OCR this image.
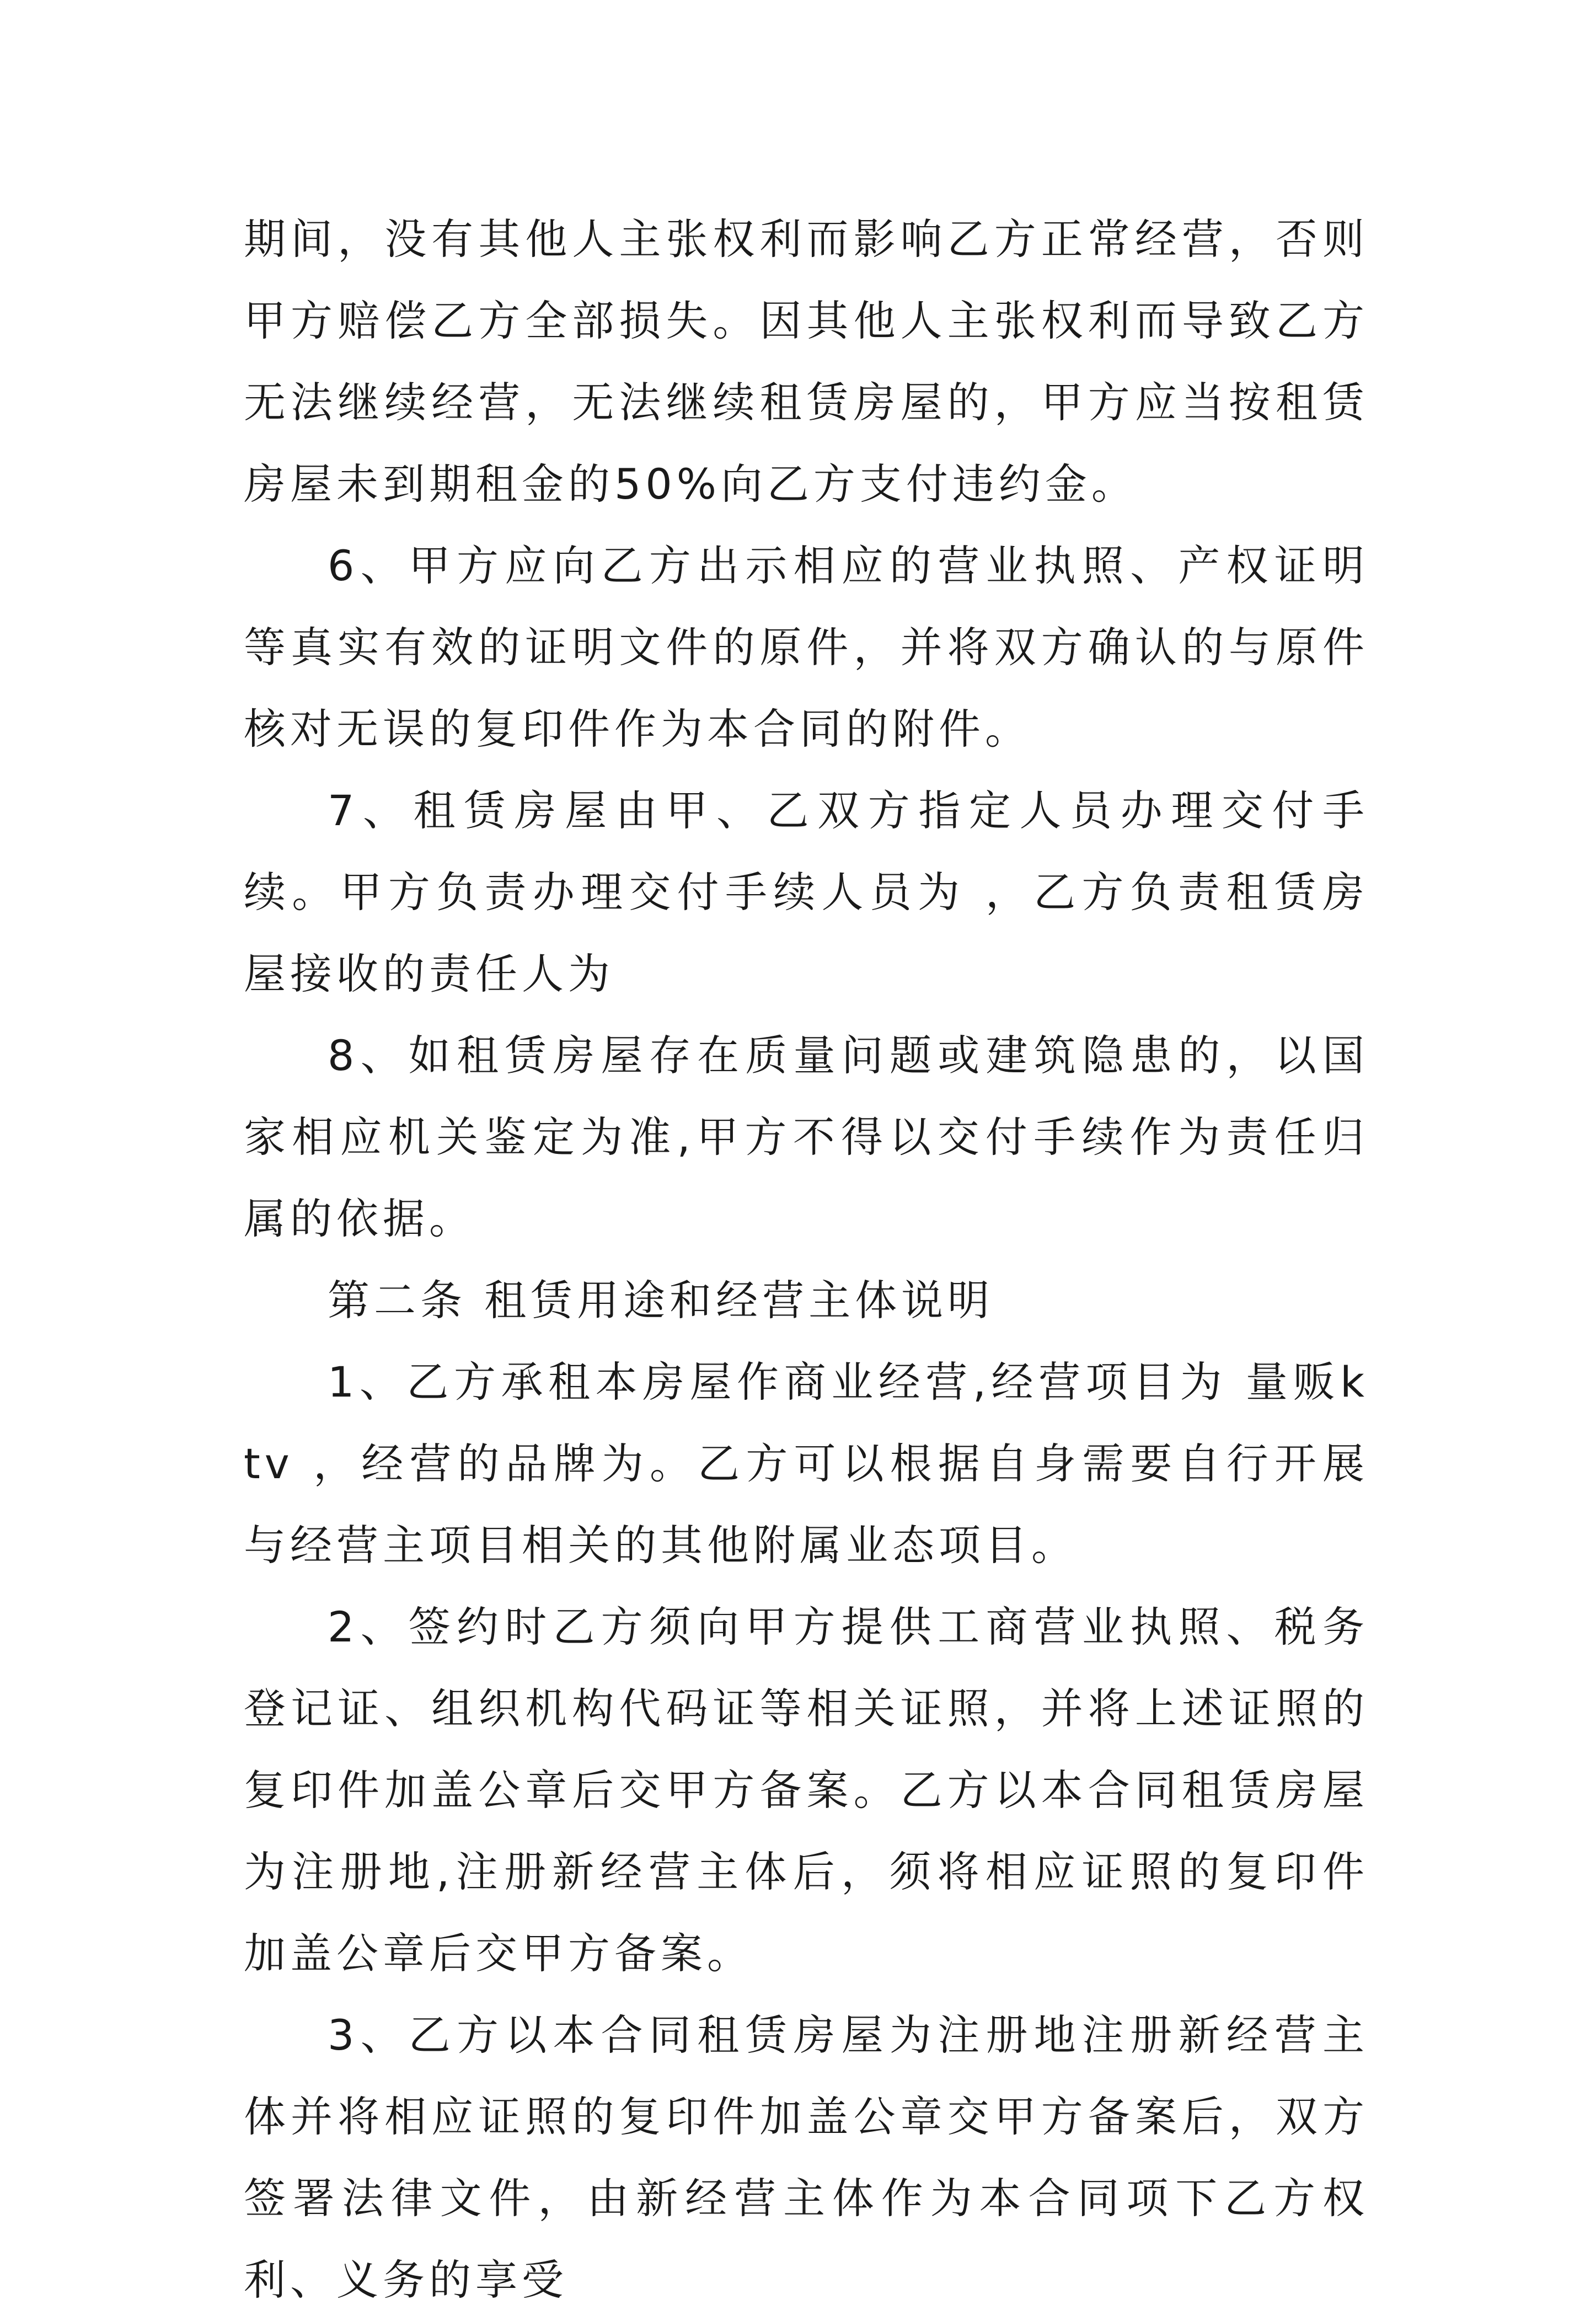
期间，没有其他人主张权利而影响乙方正常经营，否则甲方赔偿乙方全部损失。因其他人主张权利而导致乙方无法继续经营，无法继续租赁房屋的，甲方应当按租赁房屋未到期租金的50%向乙方支付违约金。

6、甲方应向乙方出示相应的营业执照、产权证明等真实有效的证明文件的原件，并将双方确认的与原件核对无误的复印件作为本合同的附件。

7、租赁房屋由甲、乙双方指定人员办理交付手续。甲方负责办理交付手续人员为 ，乙方负责租赁房屋接收的责任人为

8、如租赁房屋存在质量问题或建筑隐患的，以国家相应机关鉴定为准,甲方不得以交付手续作为责任归属的依据。

第二条 租赁用途和经营主体说明

1、乙方承租本房屋作商业经营,经营项目为 量贩ktv ，经营的品牌为。乙方可以根据自身需要自行开展与经营主项目相关的其他附属业态项目。

2、签约时乙方须向甲方提供工商营业执照、税务登记证、组织机构代码证等相关证照，并将上述证照的复印件加盖公章后交甲方备案。乙方以本合同租赁房屋为注册地,注册新经营主体后，须将相应证照的复印件加盖公章后交甲方备案。

3、乙方以本合同租赁房屋为注册地注册新经营主体并将相应证照的复印件加盖公章交甲方备案后，双方签署法律文件，由新经营主体作为本合同项下乙方权利、义务的享受
